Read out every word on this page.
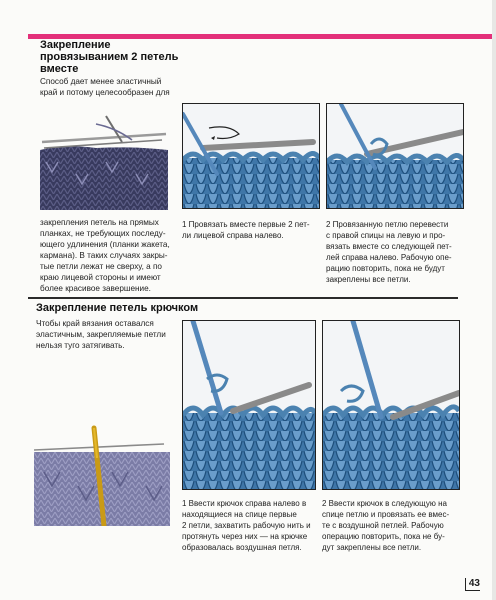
Закрепление
провязыванием 2 петель
вместе
Способ дает менее эластичный
край и потому целесообразен для
закрепления петель на прямых
планках, не требующих последу-
ющего удлинения (планки жакета,
кармана). В таких случаях закры-
тые петли лежат не сверху, а по
краю лицевой стороны и имеют
более красивое завершение.
1 Провязать вместе первые 2 пет-
ли лицевой справа налево.
2 Провязанную петлю перевести
с правой спицы на левую и про-
вязать вместе со следующей пет-
лей справа налево. Рабочую опе-
рацию повторить, пока не будут
закреплены все петли.
Закрепление петель крючком
Чтобы край вязания оставался
эластичным, закрепляемые петли
нельзя туго затягивать.
1 Ввести крючок справа налево в
находящиеся на спице первые
2 петли, захватить рабочую нить и
протянуть через них — на крючке
образовалась воздушная петля.
2 Ввести крючок в следующую на
спице петлю и провязать ее вмес-
те с воздушной петлей. Рабочую
операцию повторить, пока не бу-
дут закреплены все петли.
43
